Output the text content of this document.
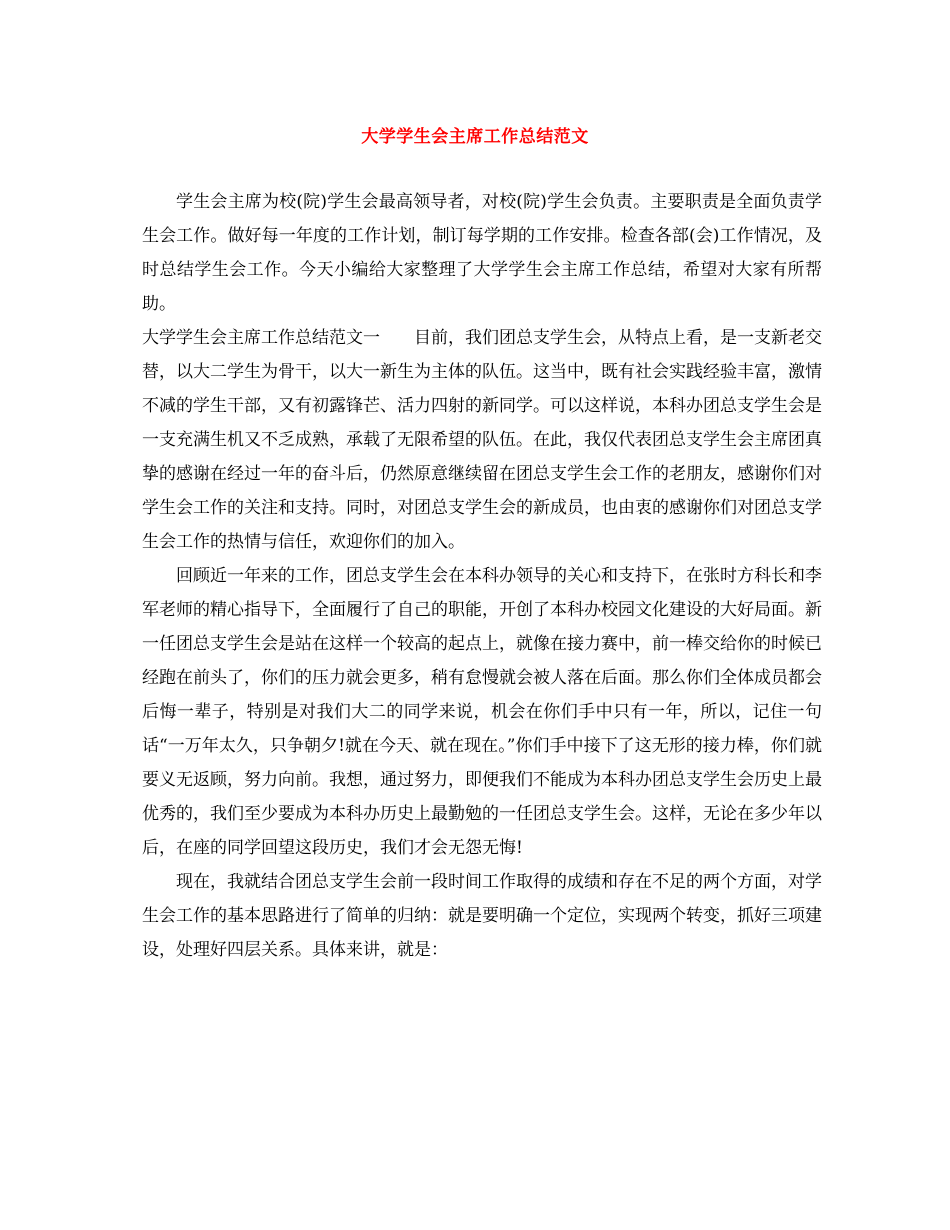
大学学生会主席工作总结范文

学生会主席为校(院)学生会最高领导者，对校(院)学生会负责。主要职责是全面负责学生会工作。做好每一年度的工作计划，制订每学期的工作安排。检查各部(会)工作情况，及时总结学生会工作。今天小编给大家整理了大学学生会主席工作总结，希望对大家有所帮助。

大学学生会主席工作总结范文一　　目前，我们团总支学生会，从特点上看，是一支新老交替，以大二学生为骨干，以大一新生为主体的队伍。这当中，既有社会实践经验丰富，激情不减的学生干部，又有初露锋芒、活力四射的新同学。可以这样说，本科办团总支学生会是一支充满生机又不乏成熟，承载了无限希望的队伍。在此，我仅代表团总支学生会主席团真挚的感谢在经过一年的奋斗后，仍然原意继续留在团总支学生会工作的老朋友，感谢你们对学生会工作的关注和支持。同时，对团总支学生会的新成员，也由衷的感谢你们对团总支学生会工作的热情与信任，欢迎你们的加入。

回顾近一年来的工作，团总支学生会在本科办领导的关心和支持下，在张时方科长和李军老师的精心指导下，全面履行了自己的职能，开创了本科办校园文化建设的大好局面。新一任团总支学生会是站在这样一个较高的起点上，就像在接力赛中，前一棒交给你的时候已经跑在前头了，你们的压力就会更多，稍有怠慢就会被人落在后面。那么你们全体成员都会后悔一辈子，特别是对我们大二的同学来说，机会在你们手中只有一年，所以，记住一句话“一万年太久，只争朝夕!就在今天、就在现在。”你们手中接下了这无形的接力棒，你们就要义无返顾，努力向前。我想，通过努力，即便我们不能成为本科办团总支学生会历史上最优秀的，我们至少要成为本科办历史上最勤勉的一任团总支学生会。这样，无论在多少年以后，在座的同学回望这段历史，我们才会无怨无悔!

现在，我就结合团总支学生会前一段时间工作取得的成绩和存在不足的两个方面，对学生会工作的基本思路进行了简单的归纳：就是要明确一个定位，实现两个转变，抓好三项建设，处理好四层关系。具体来讲，就是：
